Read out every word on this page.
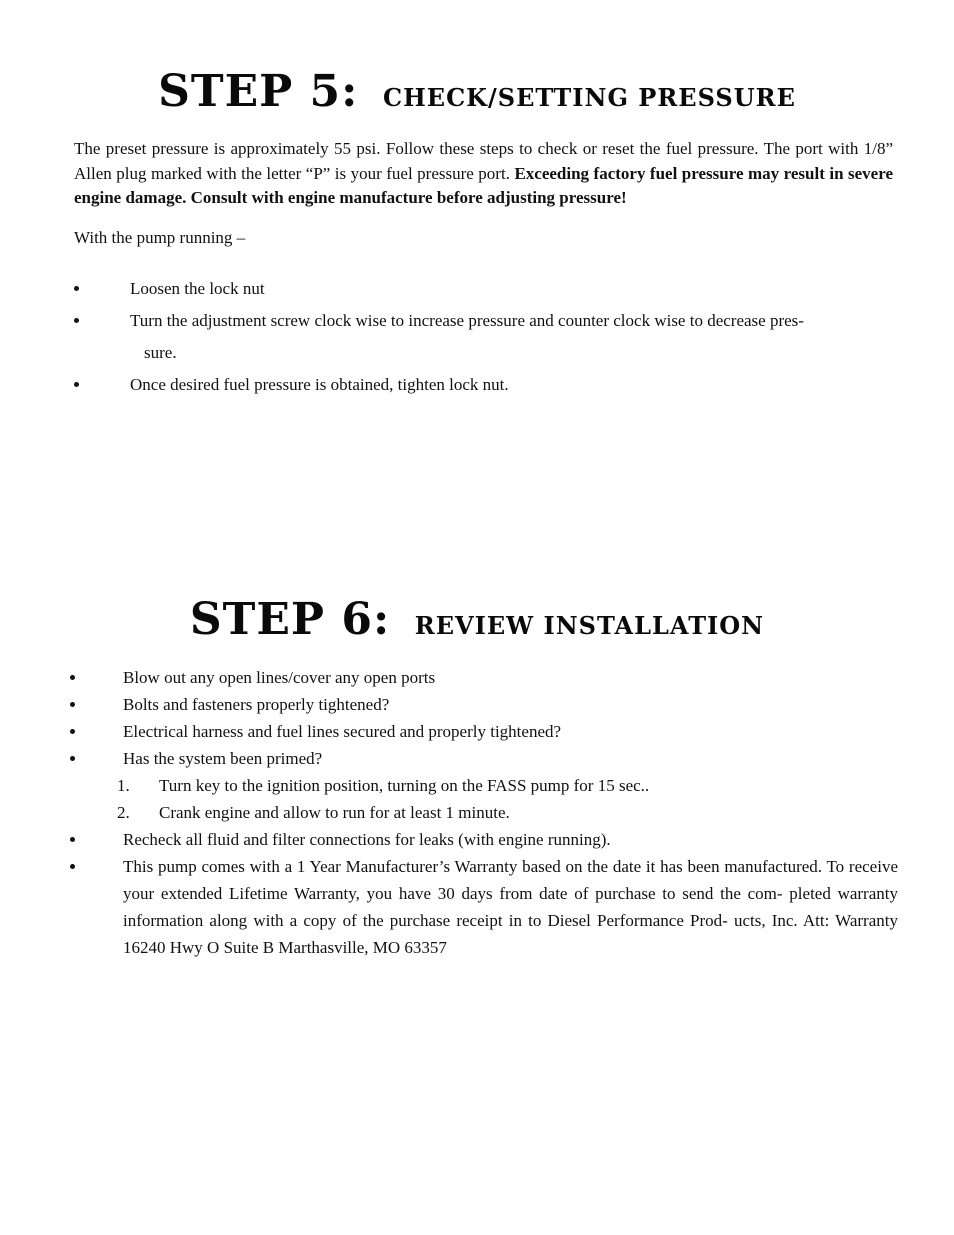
STEP 5: CHECK/SETTING PRESSURE
The preset pressure is approximately 55 psi. Follow these steps to check or reset the fuel pressure. The port with 1/8” Allen plug marked with the letter “P” is your fuel pressure port. Exceeding factory fuel pressure may result in severe engine damage. Consult with engine manufacture before adjusting pressure!
With the pump running –
Loosen the lock nut
Turn the adjustment screw clock wise to increase pressure and counter clock wise to decrease pres-
sure.
Once desired fuel pressure is obtained, tighten lock nut.
STEP 6: REVIEW INSTALLATION
Blow out any open lines/cover any open ports
Bolts and fasteners properly tightened?
Electrical harness and fuel lines secured and properly tightened?
Has the system been primed?
1. Turn key to the ignition position, turning on the FASS pump for 15 sec..
2. Crank engine and allow to run for at least 1 minute.
Recheck all fluid and filter connections for leaks (with engine running).
This pump comes with a 1 Year Manufacturer’s Warranty based on the date it has been manufactured. To receive your extended Lifetime Warranty, you have 30 days from date of purchase to send the com- pleted warranty information along with a copy of the purchase receipt in to Diesel Performance Prod- ucts, Inc. Att: Warranty 16240 Hwy O Suite B Marthasville, MO 63357
